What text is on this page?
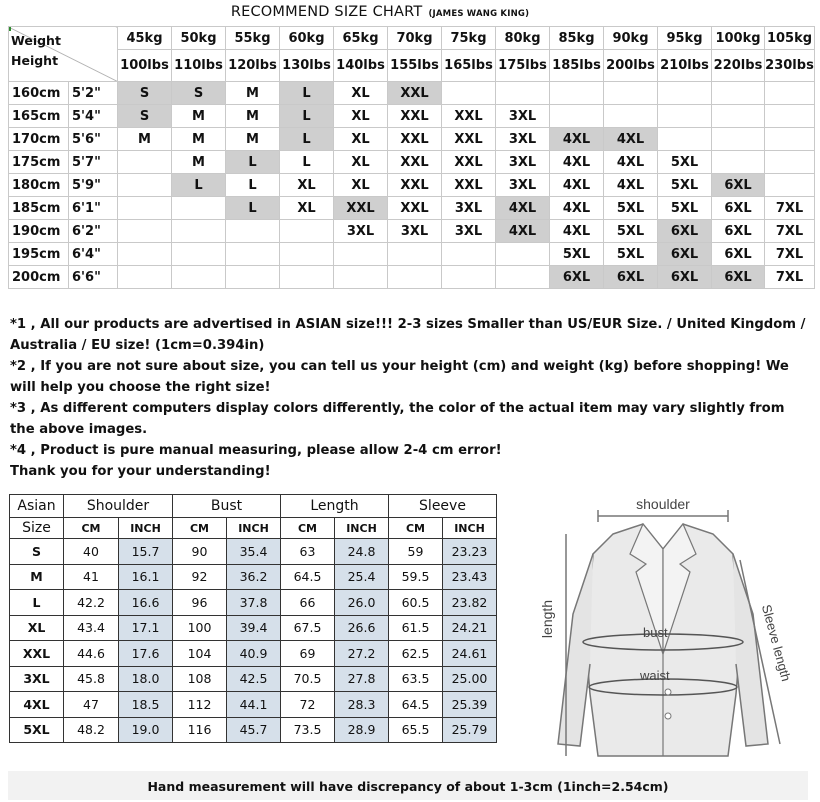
RECOMMEND SIZE CHART (JAMES WANG KING)
Weight
Height		45kg	50kg	55kg	60kg	65kg	70kg	75kg	80kg	85kg	90kg	95kg	100kg	105kg
		100lbs	110lbs	120lbs	130lbs	140lbs	155lbs	165lbs	175lbs	185lbs	200lbs	210lbs	220lbs	230lbs
160cm	5'2"	S	S	M	L	XL	XXL							
165cm	5'4"	S	M	M	L	XL	XXL	XXL	3XL					
170cm	5'6"	M	M	M	L	XL	XXL	XXL	3XL	4XL	4XL			
175cm	5'7"		M	L	L	XL	XXL	XXL	3XL	4XL	4XL	5XL		
180cm	5'9"		L	L	XL	XL	XXL	XXL	3XL	4XL	4XL	5XL	6XL	
185cm	6'1"			L	XL	XXL	XXL	3XL	4XL	4XL	5XL	5XL	6XL	7XL
190cm	6'2"					3XL	3XL	3XL	4XL	4XL	5XL	6XL	6XL	7XL
195cm	6'4"									5XL	5XL	6XL	6XL	7XL
200cm	6'6"									6XL	6XL	6XL	6XL	7XL

*1 , All our products are advertised in ASIAN size!!! 2-3 sizes Smaller than US/EUR Size. / United Kingdom / Australia / EU size! (1cm=0.394in)

*2 , If you are not sure about size, you can tell us your height (cm) and weight (kg) before shopping! We will help you choose the right size!

*3 , As different computers display colors differently, the color of the actual item may vary slightly from the above images.

*4 , Product is pure manual measuring, please allow 2-4 cm error!

Thank you for your understanding!

Asian	Shoulder		Bust		Length		Sleeve	
Size	CM	INCH	CM	INCH	CM	INCH	CM	INCH
S	40	15.7	90	35.4	63	24.8	59	23.23
M	41	16.1	92	36.2	64.5	25.4	59.5	23.43
L	42.2	16.6	96	37.8	66	26.0	60.5	23.82
XL	43.4	17.1	100	39.4	67.5	26.6	61.5	24.21
XXL	44.6	17.6	104	40.9	69	27.2	62.5	24.61
3XL	45.8	18.0	108	42.5	70.5	27.8	63.5	25.00
4XL	47	18.5	112	44.1	72	28.3	64.5	25.39
5XL	48.2	19.0	116	45.7	73.5	28.9	65.5	25.79
shoulder
length	bust
waist	Sleeve length
Hand measurement will have discrepancy of about 1-3cm (1inch=2.54cm)
